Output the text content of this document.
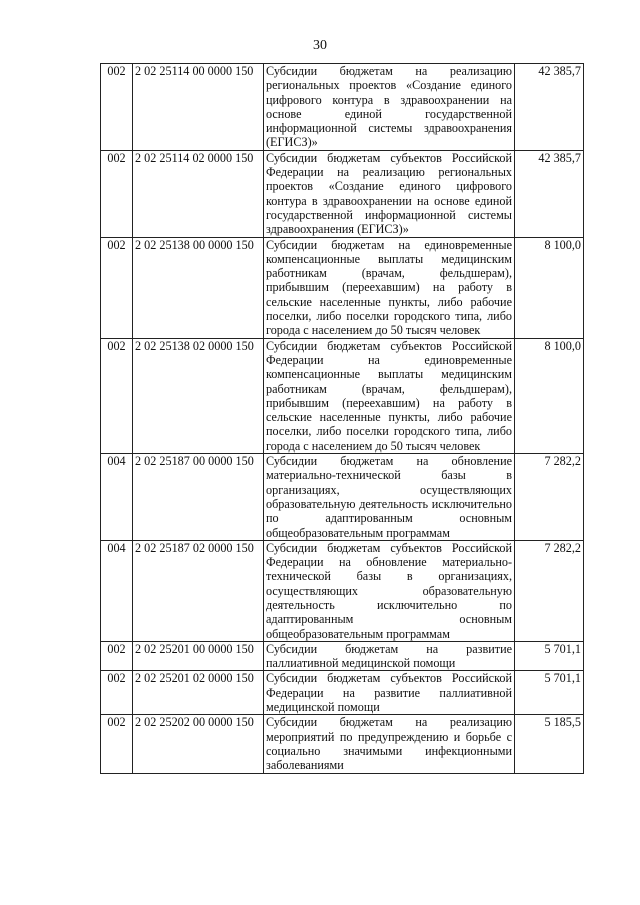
30
002	2 02 25114 00 0000 150	Субсидии бюджетам на реализацию региональных проектов «Создание единого цифрового контура в здравоохранении на основе единой государственной информационной системы здравоохранения (ЕГИСЗ)»	42 385,7
002	2 02 25114 02 0000 150	Субсидии бюджетам субъектов Российской Федерации на реализацию региональных проектов «Создание единого цифрового контура в здравоохранении на основе единой государственной информационной системы здравоохранения (ЕГИСЗ)»	42 385,7
002	2 02 25138 00 0000 150	Субсидии бюджетам на единовременные компенсационные выплаты медицинским работникам (врачам, фельдшерам), прибывшим (переехавшим) на работу в сельские населенные пункты, либо рабочие поселки, либо поселки городского типа, либо города с населением до 50 тысяч человек	8 100,0
002	2 02 25138 02 0000 150	Субсидии бюджетам субъектов Российской Федерации на единовременные компенсационные выплаты медицинским работникам (врачам, фельдшерам), прибывшим (переехавшим) на работу в сельские населенные пункты, либо рабочие поселки, либо поселки городского типа, либо города с населением до 50 тысяч человек	8 100,0
004	2 02 25187 00 0000 150	Субсидии бюджетам на обновление материально-технической базы в организациях, осуществляющих образовательную деятельность исключительно по адаптированным основным общеобразовательным программам	7 282,2
004	2 02 25187 02 0000 150	Субсидии бюджетам субъектов Российской Федерации на обновление материально-технической базы в организациях, осуществляющих образовательную деятельность исключительно по адаптированным основным общеобразовательным программам	7 282,2
002	2 02 25201 00 0000 150	Субсидии бюджетам на развитие паллиативной медицинской помощи	5 701,1
002	2 02 25201 02 0000 150	Субсидии бюджетам субъектов Российской Федерации на развитие паллиативной медицинской помощи	5 701,1
002	2 02 25202 00 0000 150	Субсидии бюджетам на реализацию мероприятий по предупреждению и борьбе с социально значимыми инфекционными заболеваниями	5 185,5
